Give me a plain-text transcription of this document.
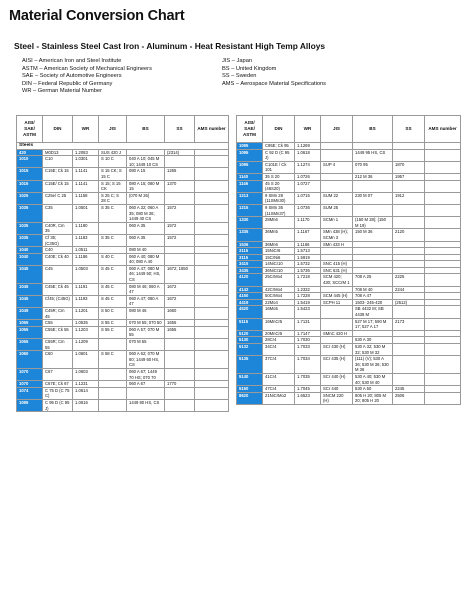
Material Conversion Chart
Steel - Stainless Steel Cast Iron - Aluminum - Heat Resistant High Temp Alloys
AISI – American Iron and Steel Institute
ASTM – American Society of Mechanical Engineers
SAE – Society of Automotive Engineers
DIN – Federal Republic of Germany
WR – German Material Number
JIS – Japan
BS – United Kingdom
SS – Sweden
AMS – Aerospace Material Specifications
AISI/ SAE/ ASTM	DIN	WR	JIS	BS	SS	AMS number
Steels						
420	M0D13	1.2083	SUS 420 J		(2314)	
1010	C10	1.0301	S 10 C	040 A 10; 045 M 10; 1449 10 CS		
1015	C15E; Ck 15	1.1141	S 15 CK; S 15 C	080 A 15	1265	
1015	C15E/ Ck 15	1.1141	S 15; S 15 CK	080 A 15; 080 M 15	1370	
1025	C25e/ C 25	1.1158	S 25 C; S 28 C	(070 M 26)		
1035	C35	1.0501	S 35 C	060 A 32; 060 A 35; 080 M 36; 1449 40 CS	1572	
1035	C40R, Cm 35	1.1180		060 A 35	1572	
1035	Cf 35; (C35G)	1.1183	S 35 C	060 A 35	1572	
1040	C40	1.0511		080 M 40		
1040	C40E; Ck 40	1.1186	S 40 C	060 A 40; 080 M 40; 080 A 40		
1045	C45	1.0503	S 45 C	060 A 47; 080 M 46; 1449 50; HS, CS	1672; 1650	
1045	C45E; Ck 45	1.1191	S 45 C	080 M 46; 060 A 47	1672	
1045	Cf45; (C45G)	1.1193	S 45 C	060 A 47; 080 A 47	1672	
1049	C45R; Cm 45	1.1201	S 50 C	080 M 46	1660	
1055	C55	1.0535	S 55 C	070 M 55; 070 50	1655	
1055	C55E; Ck 55	1.1203	S 55 C	060 A 57; 070 M 55	1655	
1055	C55R; Cm 55	1.1209		070 M 55		
1060	C60	1.0601	S 58 C	060 A 62; 070 M 60; 1449 60 HS, CS		
1070	C67	1.0603		060 A 67; 1449 70 HS; 070 70		
1070	C67E; Ck 67	1.1231		060 A 67	1770	
1074	C 75 D (C 75 C)	1.0614				
1095	C 95 D (C 95 J)	1.0616		1449 80 HS, CS		
AISI/ SAE/ ASTM	DIN	WR	JIS	BS	SS	AMS number
1095	C95E; Ck 95	1.1269				
1095	C 92 D (C 95 J)	1.0618		1449 95 HS, CS		
1095	C101E / Ck 101	1.1274	SUP 4	070 95	1870	
1140	35 S 20	1.0726		212 M 36	1957	
1146	45 S 20 (46S20)	1.0727				
1213	9 SMn 28 (11SMn30)	1.0715	SUM 22	230 M 07	1912	
1215	9 SMn 36 (11SMn37)	1.0736	SUM 25			
1330	28Mn6	1.1170	SCMn 1	(150 M 28); (150 M 19)		
1335	36Mn5	1.1167	SMn 438 (H); SCMn 3	150 M 36	2120	
1536	36Mn6	1.1166	SMn 433 H			
3115	15NiCr6	1.5713				
3115	15CrNi6	1.5919				
3415	14NiCr10	1.5732	SNC 415 (H)			
3435	36NiCr10	1.5736	SNC 631 (H)			
4120	25CrMo4	1.7218	SCM 420; 430; SCCrM 1	708 A 25	2225	
4142	42CrMo4	1.2332		708 M 40	2244	
4150	50CrMo4	1.7228	SCM 445 (H)	708 A 47		
4419	22Mo4	1.5419	SCPH 11	1503- 245-420	(2512)	
4520	16Mo5	1.5423		SB 4432 M; SB 4438 M		
5115	16MnCr5	1.7131		527 M 17; 590 M 17; 527 A 17	2173	
5120	20MnCr5	1.7147	SMnC 420 H			
5130	28Cr4	1.7030		530 A 30		
5132	34Cr4	1.7033	SCr 430 (H)	530 A 32; 530 M 32; 530 M 32		
5135	37Cr4	1.7034	SCr 435 (H)	(111) (V); 530 A 36; 530 M 36; 530 M 36		
5140	41Cr4	1.7035	SCr 440 (H)	530 A 40; 530 M 40; 530 M 40		
5150	47Cr4	1.7045	SCr 440	530 A 50	2245	
8620	21NiCrMo2	1.6523	SNCM 220 (H)	805 H 20; 805 M 20; 805 H 20	2506	
